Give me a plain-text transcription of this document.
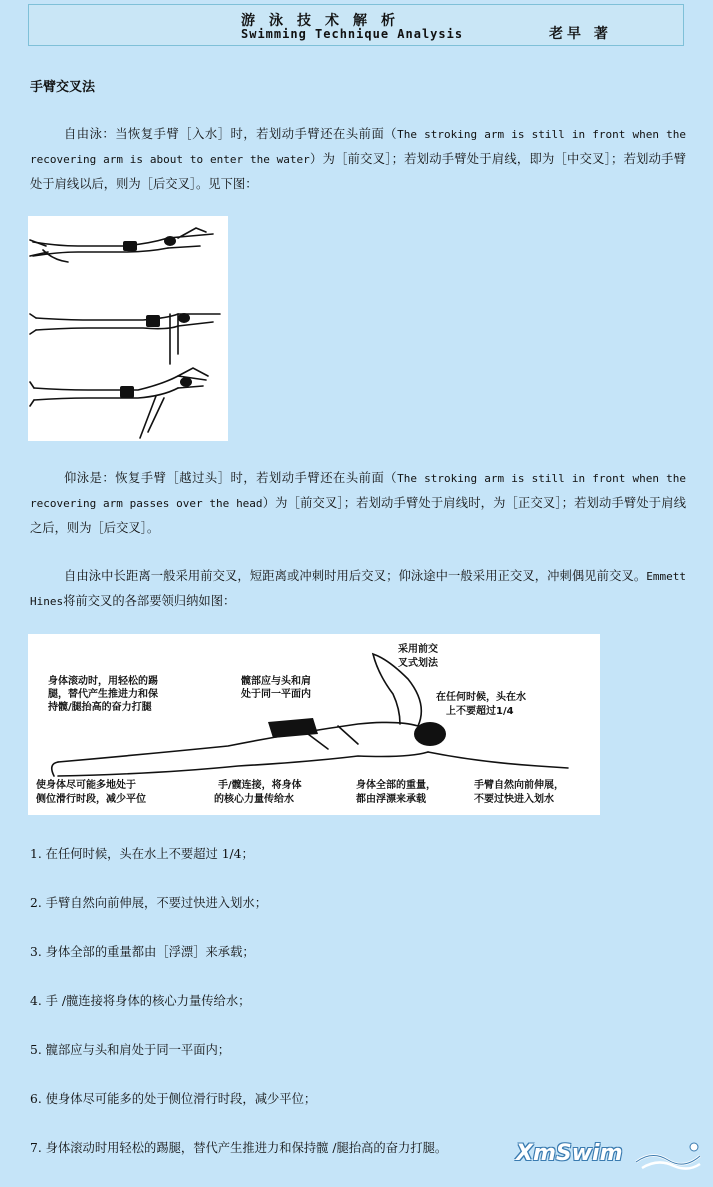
游泳技术解析
Swimming Technique Analysis	老早 著
手臂交叉法

自由泳：当恢复手臂［入水］时，若划动手臂还在头前面（The stroking arm is still in front when the recovering arm is about to enter the water）为［前交叉］；若划动手臂处于肩线，即为［中交叉］；若划动手臂处于肩线以后，则为［后交叉］。见下图：

仰泳是：恢复手臂［越过头］时，若划动手臂还在头前面（The stroking arm is still in front when the recovering arm passes over the head）为［前交叉］；若划动手臂处于肩线时，为［正交叉］；若划动手臂处于肩线之后，则为［后交叉］。

自由泳中长距离一般采用前交叉，短距离或冲刺时用后交叉；仰泳途中一般采用正交叉，冲刺偶见前交叉。Emmett Hines将前交叉的各部要领归纳如图：

采用前交
叉式划法
在任何时候，头在水
上不要超过1/4
身体滚动时，用轻松的踢
腿，替代产生推进力和保
持髋/腿抬高的奋力打腿
髋部应与头和肩
处于同一平面内
使身体尽可能多地处于
侧位滑行时段，减少平位
手/髋连接，将身体
的核心力量传给水
身体全部的重量，
都由浮漂来承载
手臂自然向前伸展，
不要过快进入划水
1. 在任何时候，头在水上不要超过 1/4；
2. 手臂自然向前伸展，不要过快进入划水；
3. 身体全部的重量都由［浮漂］来承载；
4. 手 /髋连接将身体的核心力量传给水；
5. 髋部应与头和肩处于同一平面内；
6. 使身体尽可能多的处于侧位滑行时段，减少平位；
7. 身体滚动时用轻松的踢腿，替代产生推进力和保持髋 /腿抬高的奋力打腿。	XmSwim
